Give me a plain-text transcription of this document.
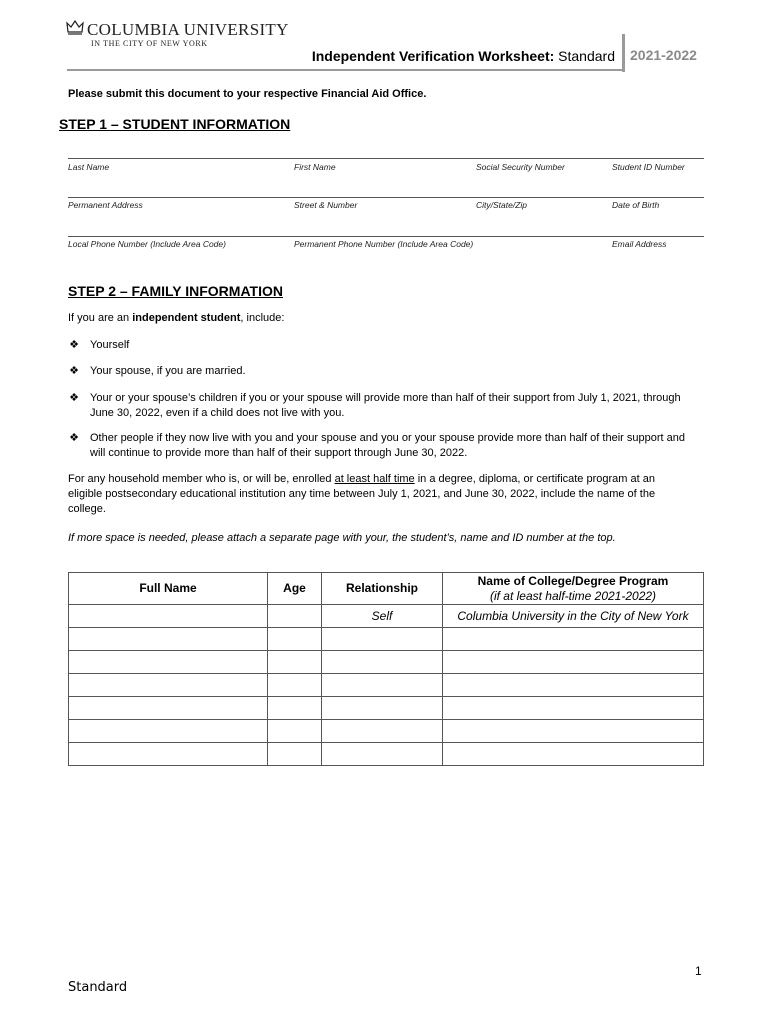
COLUMBIA UNIVERSITY
IN THE CITY OF NEW YORK
Independent Verification Worksheet: Standard 2021-2022
Please submit this document to your respective Financial Aid Office.
STEP 1 – STUDENT INFORMATION
Last Name	First Name	Social Security Number	Student ID Number
Permanent Address	Street & Number	City/State/Zip	Date of Birth
Local Phone Number (Include Area Code)	Permanent Phone Number (Include Area Code)	Email Address
STEP 2 – FAMILY INFORMATION
If you are an independent student, include:
❖ Yourself
❖ Your spouse, if you are married.
❖ Your or your spouse’s children if you or your spouse will provide more than half of their support from July 1, 2021, through June 30, 2022, even if a child does not live with you.
❖ Other people if they now live with you and your spouse and you or your spouse provide more than half of their support and will continue to provide more than half of their support through June 30, 2022.
For any household member who is, or will be, enrolled at least half time in a degree, diploma, or certificate program at an eligible postsecondary educational institution any time between July 1, 2021, and June 30, 2022, include the name of the college.
If more space is needed, please attach a separate page with your, the student’s, name and ID number at the top.
Full Name	Age	Relationship	Name of College/Degree Program
(if at least half-time 2021-2022)

		Self	Columbia University in the City of New York

1
Standard
